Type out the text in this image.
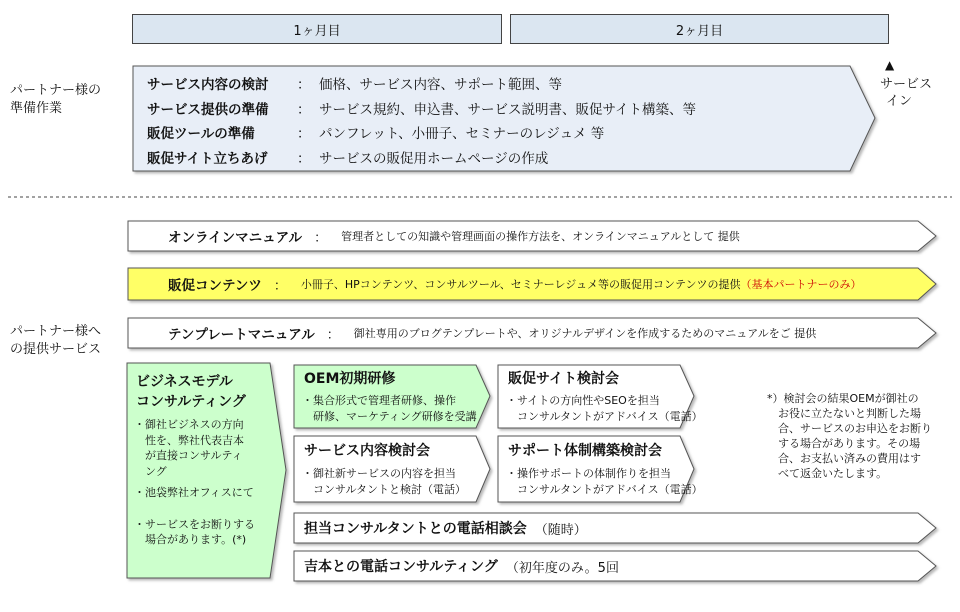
1ヶ月目	2ヶ月目
▲
サービス
イン
パートナー様の
準備作業
パートナー様へ
の提供サービス
サービス内容の検討	： 価格、サービス内容、サポート範囲、等
サービス提供の準備	： サービス規約、申込書、サービス説明書、販促サイト構築、等
販促ツールの準備	： パンフレット、小冊子、セミナーのレジュメ 等
販促サイト立ちあげ	： サービスの販促用ホームページの作成
オンラインマニュアル ： 管理者としての知識や管理画面の操作方法を、オンラインマニュアルとして 提供
販促コンテンツ ： 小冊子、HPコンテンツ、コンサルツール、セミナーレジュメ等の販促用コンテンツの提供 （基本パートナーのみ）
テンプレートマニュアル ： 御社専用のブログテンプレートや、オリジナルデザインを作成するためのマニュアルをご 提供
ビジネスモデル
コンサルティング
・御社ビジネスの方向
　性を、弊社代表吉本
　が直接コンサルティ
　ング
・池袋弊社オフィスにて
・サービスをお断りする
　場合があります。(*)
OEM初期研修
・集合形式で管理者研修、操作
　研修、マーケティング研修を受講
販促サイト検討会
・サイトの方向性やSEOを担当
　コンサルタントがアドバイス（電話）
サービス内容検討会
・御社新サービスの内容を担当
　コンサルタントと検討（電話）
サポート体制構築検討会
・操作サポートの体制作りを担当
　コンサルタントがアドバイス（電話）
担当コンサルタントとの電話相談会 （随時）
吉本との電話コンサルティング （初年度のみ。5回
*）検討会の結果OEMが御社の
　お役に立たないと判断した場
　合、サービスのお申込をお断り
　する場合があります。その場
　合、お支払い済みの費用はす
　べて返金いたします。
